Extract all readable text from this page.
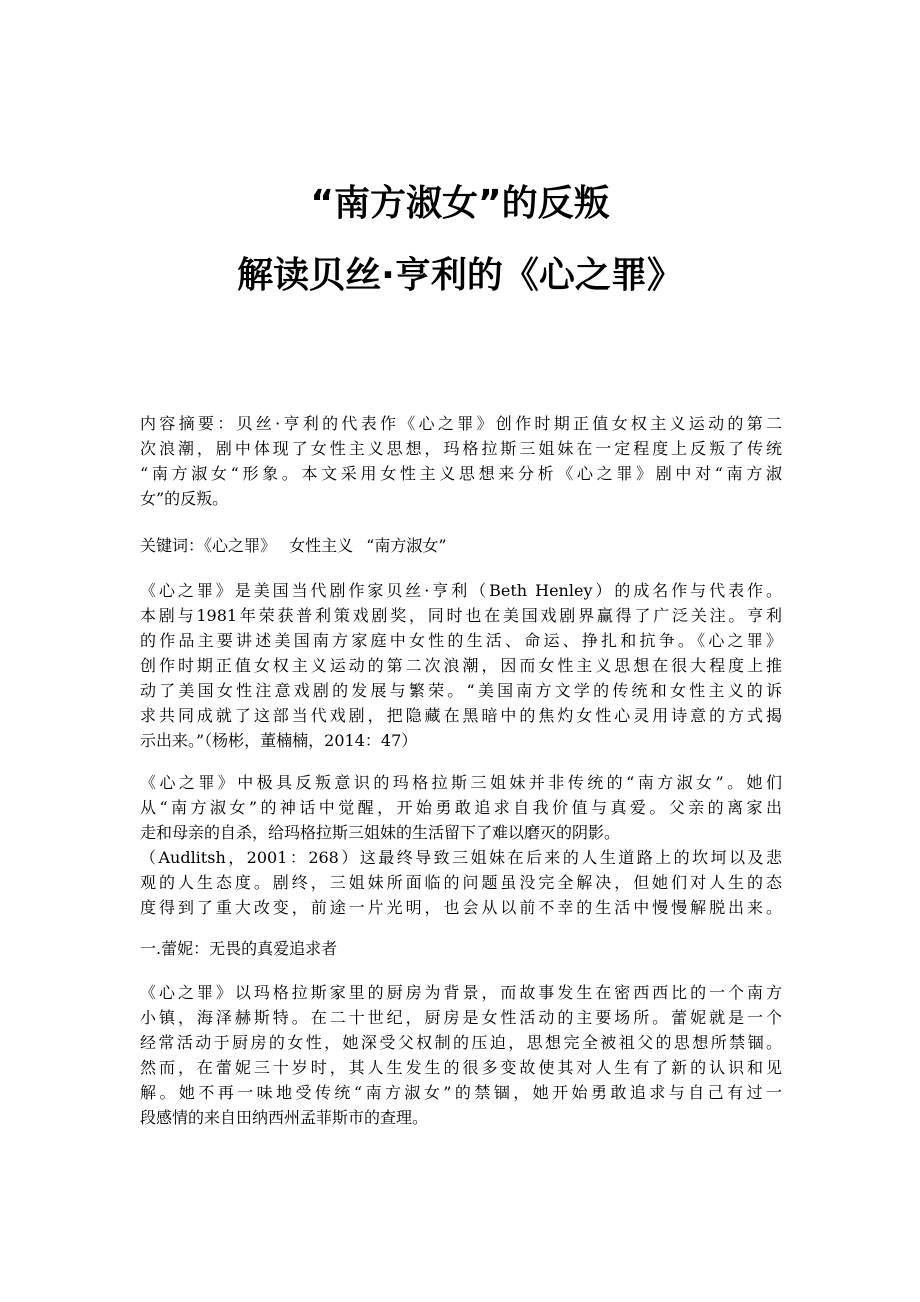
“南方淑女”的反叛
解读贝丝·亨利的《心之罪》
内容摘要：贝丝·亨利的代表作《心之罪》创作时期正值女权主义运动的第二
次浪潮，剧中体现了女性主义思想，玛格拉斯三姐妹在一定程度上反叛了传统
“南方淑女“形象。本文采用女性主义思想来分析《心之罪》剧中对“南方淑
女”的反叛。
关键词：《心之罪》 女性主义 “南方淑女”
《心之罪》是美国当代剧作家贝丝·亨利（Beth Henley）的成名作与代表作。
本剧与1981年荣获普利策戏剧奖，同时也在美国戏剧界赢得了广泛关注。亨利
的作品主要讲述美国南方家庭中女性的生活、命运、挣扎和抗争。《心之罪》
创作时期正值女权主义运动的第二次浪潮，因而女性主义思想在很大程度上推
动了美国女性注意戏剧的发展与繁荣。“美国南方文学的传统和女性主义的诉
求共同成就了这部当代戏剧，把隐藏在黑暗中的焦灼女性心灵用诗意的方式揭
示出来。”（杨彬，董楠楠，2014：47）
《心之罪》中极具反叛意识的玛格拉斯三姐妹并非传统的“南方淑女”。她们
从“南方淑女”的神话中觉醒，开始勇敢追求自我价值与真爱。父亲的离家出
走和母亲的自杀，给玛格拉斯三姐妹的生活留下了难以磨灭的阴影。
（Audlitsh，2001：268）这最终导致三姐妹在后来的人生道路上的坎坷以及悲
观的人生态度。剧终，三姐妹所面临的问题虽没完全解决，但她们对人生的态
度得到了重大改变，前途一片光明，也会从以前不幸的生活中慢慢解脱出来。
一.蕾妮：无畏的真爱追求者
《心之罪》以玛格拉斯家里的厨房为背景，而故事发生在密西西比的一个南方
小镇，海泽赫斯特。在二十世纪，厨房是女性活动的主要场所。蕾妮就是一个
经常活动于厨房的女性，她深受父权制的压迫，思想完全被祖父的思想所禁锢。
然而，在蕾妮三十岁时，其人生发生的很多变故使其对人生有了新的认识和见
解。她不再一味地受传统“南方淑女”的禁锢，她开始勇敢追求与自己有过一
段感情的来自田纳西州孟菲斯市的查理。
